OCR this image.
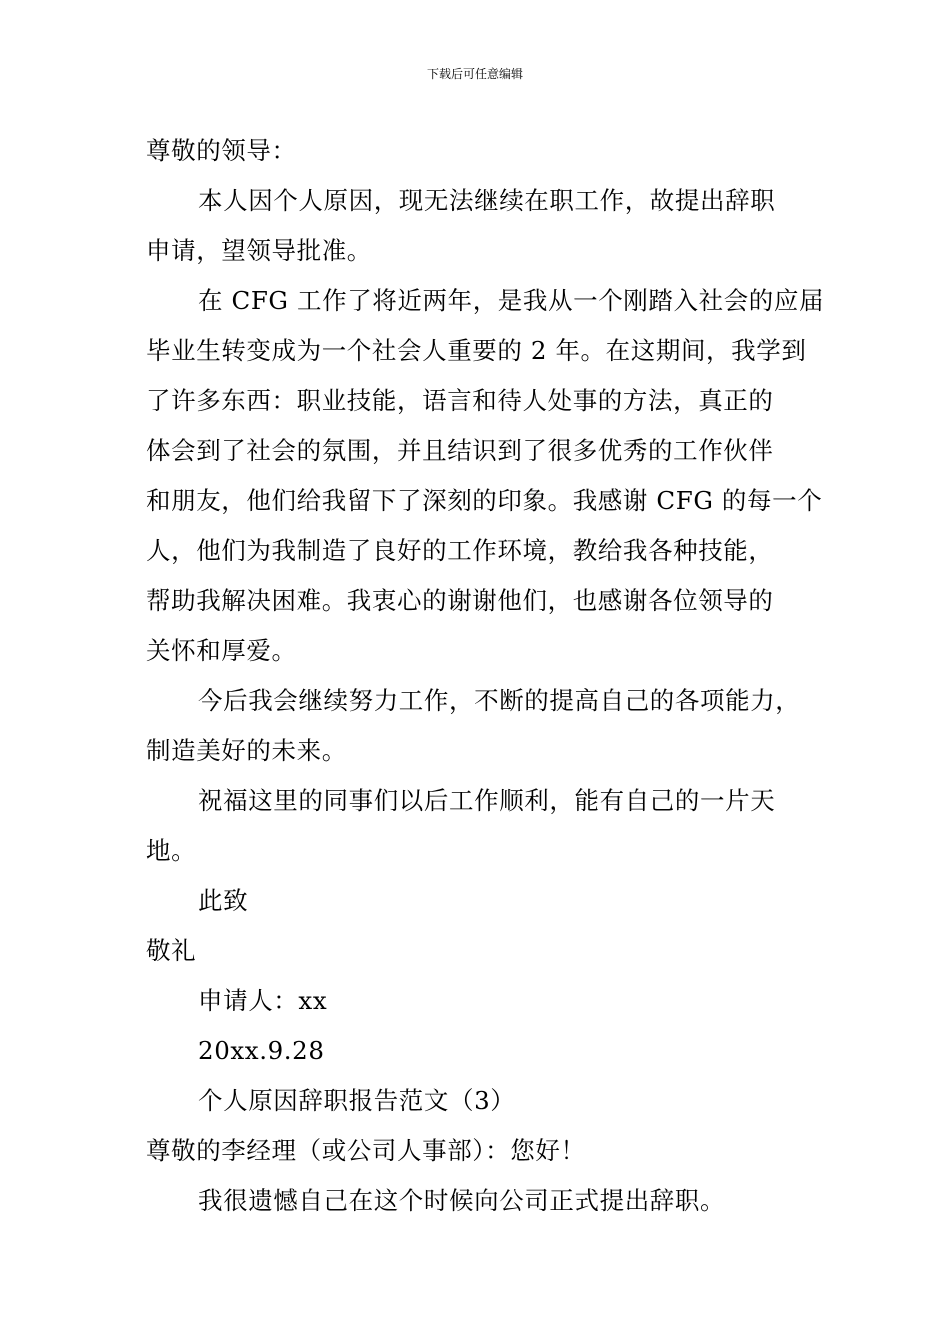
下载后可任意编辑
尊敬的领导：
本人因个人原因，现无法继续在职工作，故提出辞职
申请，望领导批准。
在 CFG 工作了将近两年，是我从一个刚踏入社会的应届
毕业生转变成为一个社会人重要的 2 年。在这期间，我学到
了许多东西：职业技能，语言和待人处事的方法，真正的
体会到了社会的氛围，并且结识到了很多优秀的工作伙伴
和朋友，他们给我留下了深刻的印象。我感谢 CFG 的每一个
人，他们为我制造了良好的工作环境，教给我各种技能，
帮助我解决困难。我衷心的谢谢他们，也感谢各位领导的
关怀和厚爱。
今后我会继续努力工作，不断的提高自己的各项能力，
制造美好的未来。
祝福这里的同事们以后工作顺利，能有自己的一片天
地。
此致
敬礼
申请人：xx
20xx.9.28
个人原因辞职报告范文（3）
尊敬的李经理（或公司人事部）：您好！
我很遗憾自己在这个时候向公司正式提出辞职。
